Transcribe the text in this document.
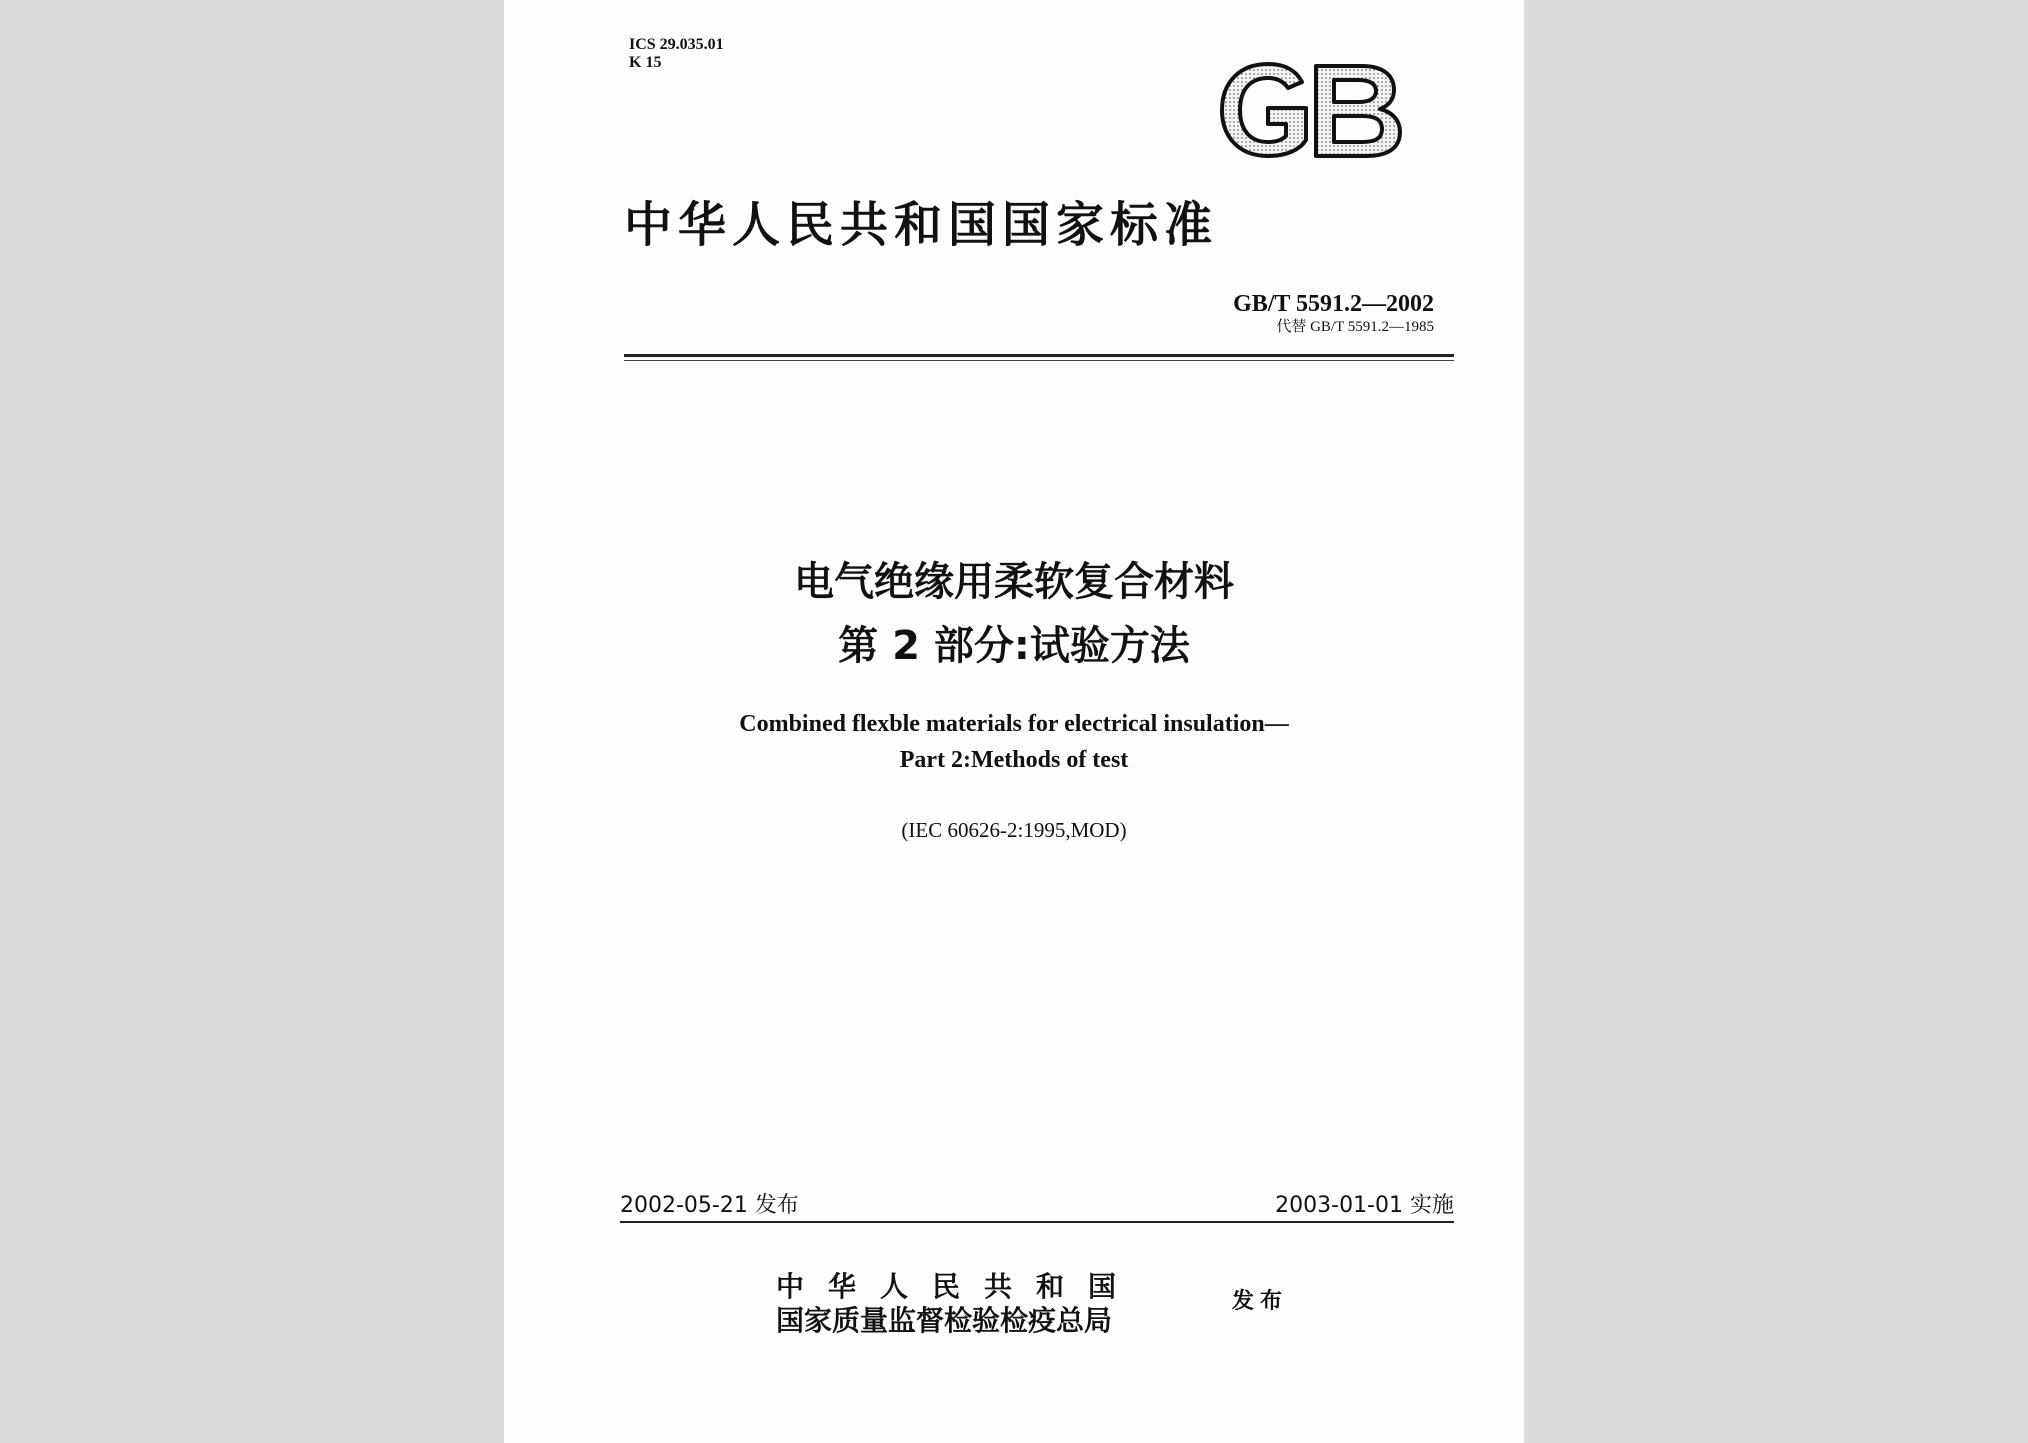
ICS 29.035.01
K 15
中华人民共和国国家标准
GB/T 5591.2—2002
代替 GB/T 5591.2—1985
电气绝缘用柔软复合材料
第 2 部分:试验方法
Combined flexble materials for electrical insulation—
Part 2:Methods of test
(IEC 60626-2:1995,MOD)
2002-05-21 发布	2003-01-01 实施
中华人民共和国
国家质量监督检验检疫总局
发布
